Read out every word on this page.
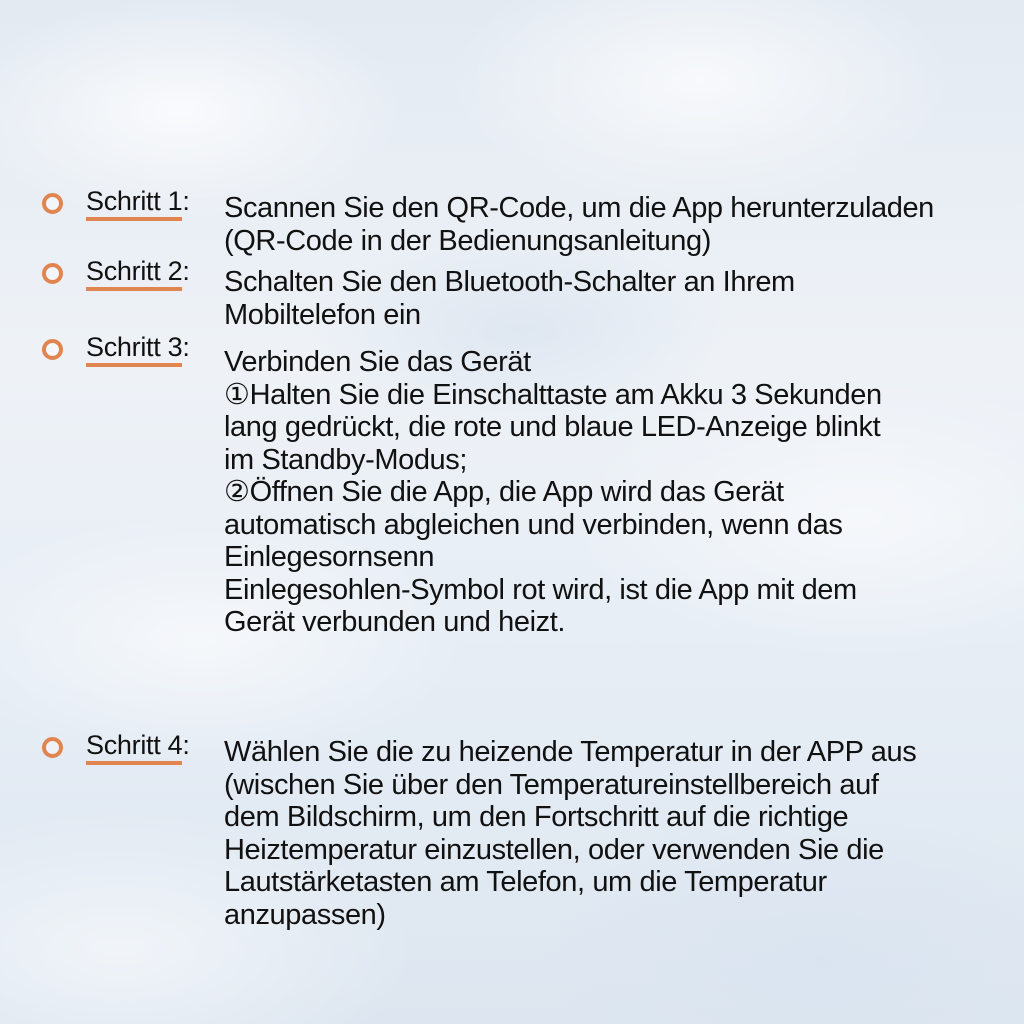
Schritt 1: Scannen Sie den QR-Code, um die App herunterzuladen
(QR-Code in der Bedienungsanleitung)
Schritt 2: Schalten Sie den Bluetooth-Schalter an Ihrem
Mobiltelefon ein
Schritt 3: Verbinden Sie das Gerät
①Halten Sie die Einschalttaste am Akku 3 Sekunden
lang gedrückt, die rote und blaue LED-Anzeige blinkt
im Standby-Modus;
②Öffnen Sie die App, die App wird das Gerät
automatisch abgleichen und verbinden, wenn das
Einlegesornsenn
Einlegesohlen-Symbol rot wird, ist die App mit dem
Gerät verbunden und heizt.
Schritt 4: Wählen Sie die zu heizende Temperatur in der APP aus
(wischen Sie über den Temperatureinstellbereich auf
dem Bildschirm, um den Fortschritt auf die richtige
Heiztemperatur einzustellen, oder verwenden Sie die
Lautstärketasten am Telefon, um die Temperatur
anzupassen)
